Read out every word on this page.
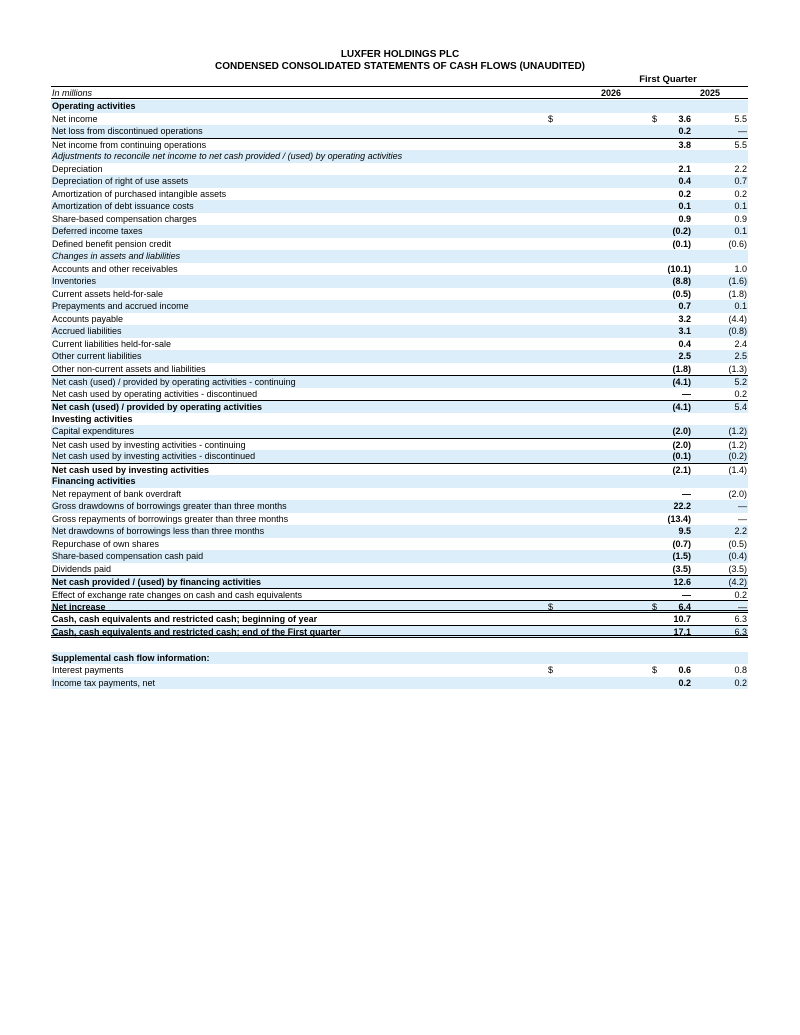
LUXFER HOLDINGS PLC
CONDENSED CONSOLIDATED STATEMENTS OF CASH FLOWS (UNAUDITED)
First Quarter
In millions	2026	2025
Operating activities
Net income	$	$	3.6	5.5
Net loss from discontinued operations	0.2	—
Net income from continuing operations	3.8	5.5
Adjustments to reconcile net income to net cash provided / (used) by operating activities
Depreciation	2.1	2.2
Depreciation of right of use assets	0.4	0.7
Amortization of purchased intangible assets	0.2	0.2
Amortization of debt issuance costs	0.1	0.1
Share-based compensation charges	0.9	0.9
Deferred income taxes	(0.2)	0.1
Defined benefit pension credit	(0.1)	(0.6)
Changes in assets and liabilities
Accounts and other receivables	(10.1)	1.0
Inventories	(8.8)	(1.6)
Current assets held-for-sale	(0.5)	(1.8)
Prepayments and accrued income	0.7	0.1
Accounts payable	3.2	(4.4)
Accrued liabilities	3.1	(0.8)
Current liabilities held-for-sale	0.4	2.4
Other current liabilities	2.5	2.5
Other non-current assets and liabilities	(1.8)	(1.3)
Net cash (used) / provided by operating activities - continuing	(4.1)	5.2
Net cash used by operating activities - discontinued	—	0.2
Net cash (used) / provided by operating activities	(4.1)	5.4
Investing activities
Capital expenditures	(2.0)	(1.2)
Net cash used by investing activities - continuing	(2.0)	(1.2)
Net cash used by investing activities - discontinued	(0.1)	(0.2)
Net cash used by investing activities	(2.1)	(1.4)
Financing activities
Net repayment of bank overdraft	—	(2.0)
Gross drawdowns of borrowings greater than three months	22.2	—
Gross repayments of borrowings greater than three months	(13.4)	—
Net drawdowns of borrowings less than three months	9.5	2.2
Repurchase of own shares	(0.7)	(0.5)
Share-based compensation cash paid	(1.5)	(0.4)
Dividends paid	(3.5)	(3.5)
Net cash provided / (used) by financing activities	12.6	(4.2)
Effect of exchange rate changes on cash and cash equivalents	—	0.2
Net increase	$	$	6.4	—
Cash, cash equivalents and restricted cash; beginning of year	10.7	6.3
Cash, cash equivalents and restricted cash; end of the First quarter	17.1	6.3
Supplemental cash flow information:
Interest payments	$	$	0.6	0.8
Income tax payments, net	0.2	0.2
